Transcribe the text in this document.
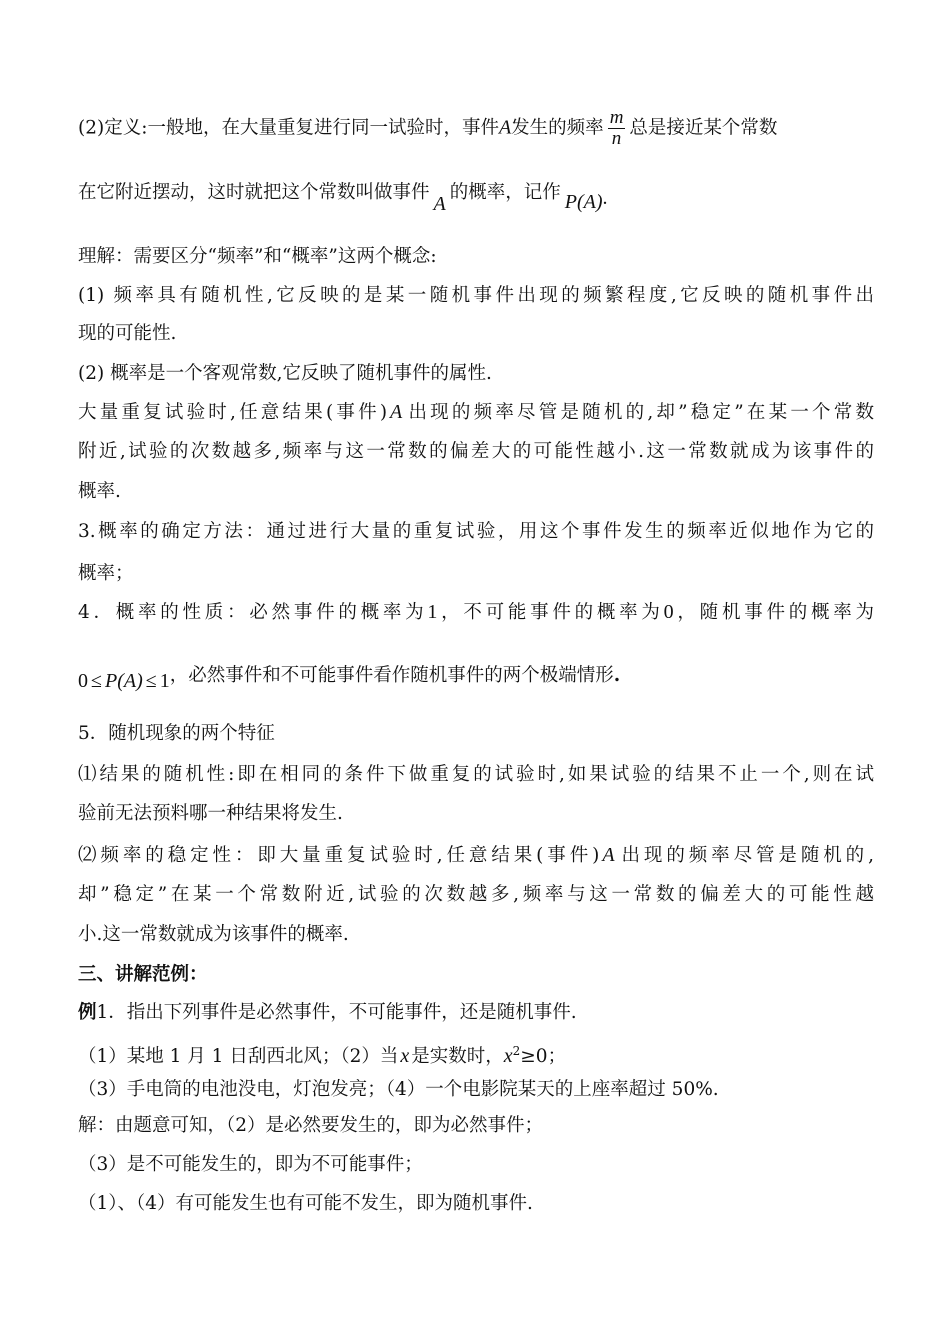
(2)定义:一般地，在大量重复进行同一试验时，事件A发生的频率 $\frac{m}{n}$ 总是接近某个常数
在它附近摆动，这时就把这个常数叫做事件A的概率，记作 P(A).
理解：需要区分“频率”和“概率”这两个概念:
(1) 频率具有随机性,它反映的是某一随机事件出现的频繁程度,它反映的随机事件出
现的可能性.
(2) 概率是一个客观常数,它反映了随机事件的属性.
大量重复试验时,任意结果(事件) A 出现的频率尽管是随机的,却”稳定”在某一个常数
附近,试验的次数越多,频率与这一常数的偏差大的可能性越小.这一常数就成为该事件的
概率.
3.概率的确定方法：通过进行大量的重复试验，用这个事件发生的频率近似地作为它的
概率；
4．概率的性质：必然事件的概率为1，不可能事件的概率为0，随机事件的概率为
0 ≤ P(A) ≤ 1，必然事件和不可能事件看作随机事件的两个极端情形.
5．随机现象的两个特征
⑴结果的随机性:即在相同的条件下做重复的试验时,如果试验的结果不止一个,则在试
验前无法预料哪一种结果将发生.
⑵频率的稳定性：即大量重复试验时,任意结果(事件) A 出现的频率尽管是随机的,
却”稳定”在某一个常数附近,试验的次数越多,频率与这一常数的偏差大的可能性越
小.这一常数就成为该事件的概率.
三、讲解范例：
例1．指出下列事件是必然事件，不可能事件，还是随机事件.
（1）某地 1 月 1 日刮西北风；（2）当 x 是实数时，$x^2\ge 0$；
（3）手电筒的电池没电，灯泡发亮；（4）一个电影院某天的上座率超过 50%.
解：由题意可知，（2）是必然要发生的，即为必然事件；
（3）是不可能发生的，即为不可能事件；
（1）、（4）有可能发生也有可能不发生，即为随机事件.
